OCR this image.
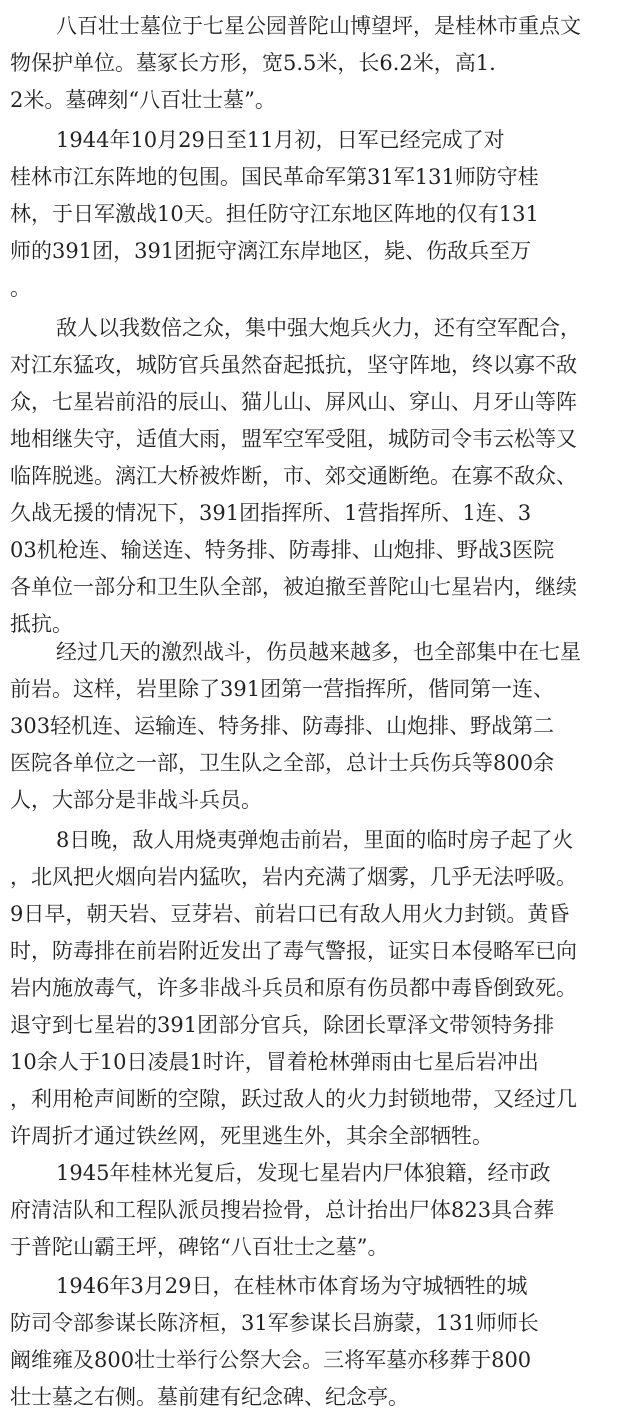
八百壮士墓位于七星公园普陀山博望坪，是桂林市重点文
物保护单位。墓冢长方形，宽5.5米，长6.2米，高1.
2米。墓碑刻“八百壮士墓”。
1944年10月29日至11月初，日军已经完成了对
桂林市江东阵地的包围。国民革命军第31军131师防守桂
林，于日军激战10天。担任防守江东地区阵地的仅有131
师的391团，391团扼守漓江东岸地区，毙、伤敌兵至万
。
敌人以我数倍之众，集中强大炮兵火力，还有空军配合，
对江东猛攻，城防官兵虽然奋起抵抗，坚守阵地，终以寡不敌
众，七星岩前沿的辰山、猫儿山、屏风山、穿山、月牙山等阵
地相继失守，适值大雨，盟军空军受阻，城防司令韦云松等又
临阵脱逃。漓江大桥被炸断，市、郊交通断绝。在寡不敌众、
久战无援的情况下，391团指挥所、1营指挥所、1连、3
03机枪连、输送连、特务排、防毒排、山炮排、野战3医院
各单位一部分和卫生队全部，被迫撤至普陀山七星岩内，继续
抵抗。
经过几天的激烈战斗，伤员越来越多，也全部集中在七星
前岩。这样，岩里除了391团第一营指挥所，偕同第一连、
303轻机连、运输连、特务排、防毒排、山炮排、野战第二
医院各单位之一部，卫生队之全部，总计士兵伤兵等800余
人，大部分是非战斗兵员。
8日晚，敌人用烧夷弹炮击前岩，里面的临时房子起了火
，北风把火烟向岩内猛吹，岩内充满了烟雾，几乎无法呼吸。
9日早，朝天岩、豆芽岩、前岩口已有敌人用火力封锁。黄昏
时，防毒排在前岩附近发出了毒气警报，证实日本侵略军已向
岩内施放毒气，许多非战斗兵员和原有伤员都中毒昏倒致死。
退守到七星岩的391团部分官兵，除团长覃泽文带领特务排
10余人于10日凌晨1时许，冒着枪林弹雨由七星后岩冲出
，利用枪声间断的空隙，跃过敌人的火力封锁地带，又经过几
许周折才通过铁丝网，死里逃生外，其余全部牺牲。
1945年桂林光复后，发现七星岩内尸体狼籍，经市政
府清洁队和工程队派员搜岩捡骨，总计抬出尸体823具合葬
于普陀山霸王坪，碑铭“八百壮士之墓”。
1946年3月29日，在桂林市体育场为守城牺牲的城
防司令部参谋长陈济桓，31军参谋长吕旃蒙，131师师长
阚维雍及800壮士举行公祭大会。三将军墓亦移葬于800
壮士墓之右侧。墓前建有纪念碑、纪念亭。
